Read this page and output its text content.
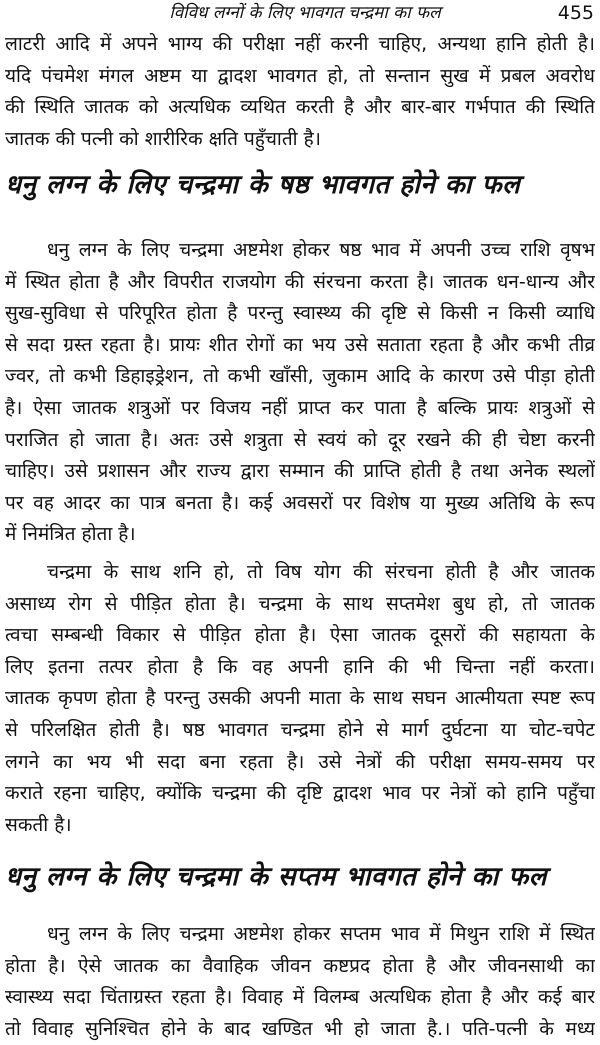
विविध लग्नों के लिए भावगत चन्द्रमा का फल	455
लाटरी आदि में अपने भाग्य की परीक्षा नहीं करनी चाहिए, अन्यथा हानि होती है।
यदि पंचमेश मंगल अष्टम या द्वादश भावगत हो, तो सन्तान सुख में प्रबल अवरोध
की स्थिति जातक को अत्यधिक व्यथित करती है और बार-बार गर्भपात की स्थिति
जातक की पत्नी को शारीरिक क्षति पहुँचाती है।
धनु लग्न के लिए चन्द्रमा के षष्ठ भावगत होने का फल
धनु लग्न के लिए चन्द्रमा अष्टमेश होकर षष्ठ भाव में अपनी उच्च राशि वृषभ
में स्थित होता है और विपरीत राजयोग की संरचना करता है। जातक धन-धान्य और
सुख-सुविधा से परिपूरित होता है परन्तु स्वास्थ्य की दृष्टि से किसी न किसी व्याधि
से सदा ग्रस्त रहता है। प्रायः शीत रोगों का भय उसे सताता रहता है और कभी तीव्र
ज्वर, तो कभी डिहाइड्रेशन, तो कभी खाँसी, जुकाम आदि के कारण उसे पीड़ा होती
है। ऐसा जातक शत्रुओं पर विजय नहीं प्राप्त कर पाता है बल्कि प्रायः शत्रुओं से
पराजित हो जाता है। अतः उसे शत्रुता से स्वयं को दूर रखने की ही चेष्टा करनी
चाहिए। उसे प्रशासन और राज्य द्वारा सम्मान की प्राप्ति होती है तथा अनेक स्थलों
पर वह आदर का पात्र बनता है। कई अवसरों पर विशेष या मुख्य अतिथि के रूप
में निमंत्रित होता है।
चन्द्रमा के साथ शनि हो, तो विष योग की संरचना होती है और जातक
असाध्य रोग से पीड़ित होता है। चन्द्रमा के साथ सप्तमेश बुध हो, तो जातक
त्वचा सम्बन्धी विकार से पीड़ित होता है। ऐसा जातक दूसरों की सहायता के
लिए इतना तत्पर होता है कि वह अपनी हानि की भी चिन्ता नहीं करता।
जातक कृपण होता है परन्तु उसकी अपनी माता के साथ सघन आत्मीयता स्पष्ट रूप
से परिलक्षित होती है। षष्ठ भावगत चन्द्रमा होने से मार्ग दुर्घटना या चोट-चपेट
लगने का भय भी सदा बना रहता है। उसे नेत्रों की परीक्षा समय-समय पर
कराते रहना चाहिए, क्योंकि चन्द्रमा की दृष्टि द्वादश भाव पर नेत्रों को हानि पहुँचा
सकती है।
धनु लग्न के लिए चन्द्रमा के सप्तम भावगत होने का फल
धनु लग्न के लिए चन्द्रमा अष्टमेश होकर सप्तम भाव में मिथुन राशि में स्थित
होता है। ऐसे जातक का वैवाहिक जीवन कष्टप्रद होता है और जीवनसाथी का
स्वास्थ्य सदा चिंताग्रस्त रहता है। विवाह में विलम्ब अत्यधिक होता है और कई बार
तो विवाह सुनिश्चित होने के बाद खण्डित भी हो जाता है.। पति-पत्नी के मध्य
